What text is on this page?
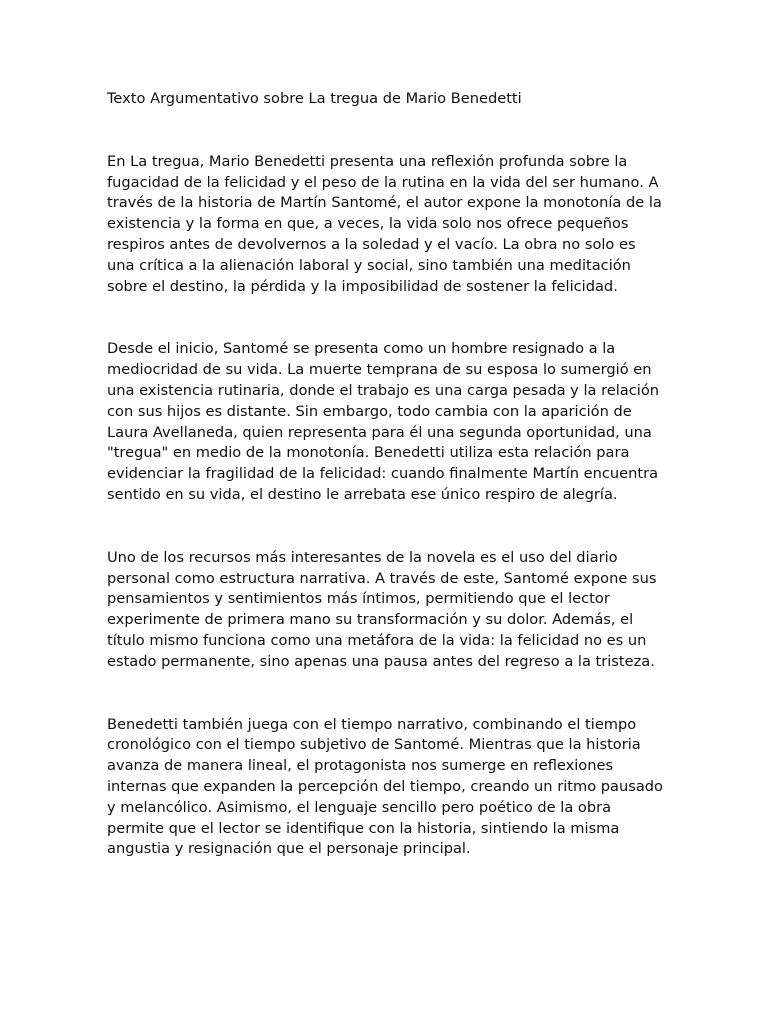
Texto Argumentativo sobre La tregua de Mario Benedetti

En La tregua, Mario Benedetti presenta una reflexión profunda sobre la fugacidad de la felicidad y el peso de la rutina en la vida del ser humano. A través de la historia de Martín Santomé, el autor expone la monotonía de la existencia y la forma en que, a veces, la vida solo nos ofrece pequeños respiros antes de devolvernos a la soledad y el vacío. La obra no solo es una crítica a la alienación laboral y social, sino también una meditación sobre el destino, la pérdida y la imposibilidad de sostener la felicidad.

Desde el inicio, Santomé se presenta como un hombre resignado a la mediocridad de su vida. La muerte temprana de su esposa lo sumergió en una existencia rutinaria, donde el trabajo es una carga pesada y la relación con sus hijos es distante. Sin embargo, todo cambia con la aparición de Laura Avellaneda, quien representa para él una segunda oportunidad, una "tregua" en medio de la monotonía. Benedetti utiliza esta relación para evidenciar la fragilidad de la felicidad: cuando finalmente Martín encuentra sentido en su vida, el destino le arrebata ese único respiro de alegría.

Uno de los recursos más interesantes de la novela es el uso del diario personal como estructura narrativa. A través de este, Santomé expone sus pensamientos y sentimientos más íntimos, permitiendo que el lector experimente de primera mano su transformación y su dolor. Además, el título mismo funciona como una metáfora de la vida: la felicidad no es un estado permanente, sino apenas una pausa antes del regreso a la tristeza.

Benedetti también juega con el tiempo narrativo, combinando el tiempo cronológico con el tiempo subjetivo de Santomé. Mientras que la historia avanza de manera lineal, el protagonista nos sumerge en reflexiones internas que expanden la percepción del tiempo, creando un ritmo pausado y melancólico. Asimismo, el lenguaje sencillo pero poético de la obra permite que el lector se identifique con la historia, sintiendo la misma angustia y resignación que el personaje principal.
